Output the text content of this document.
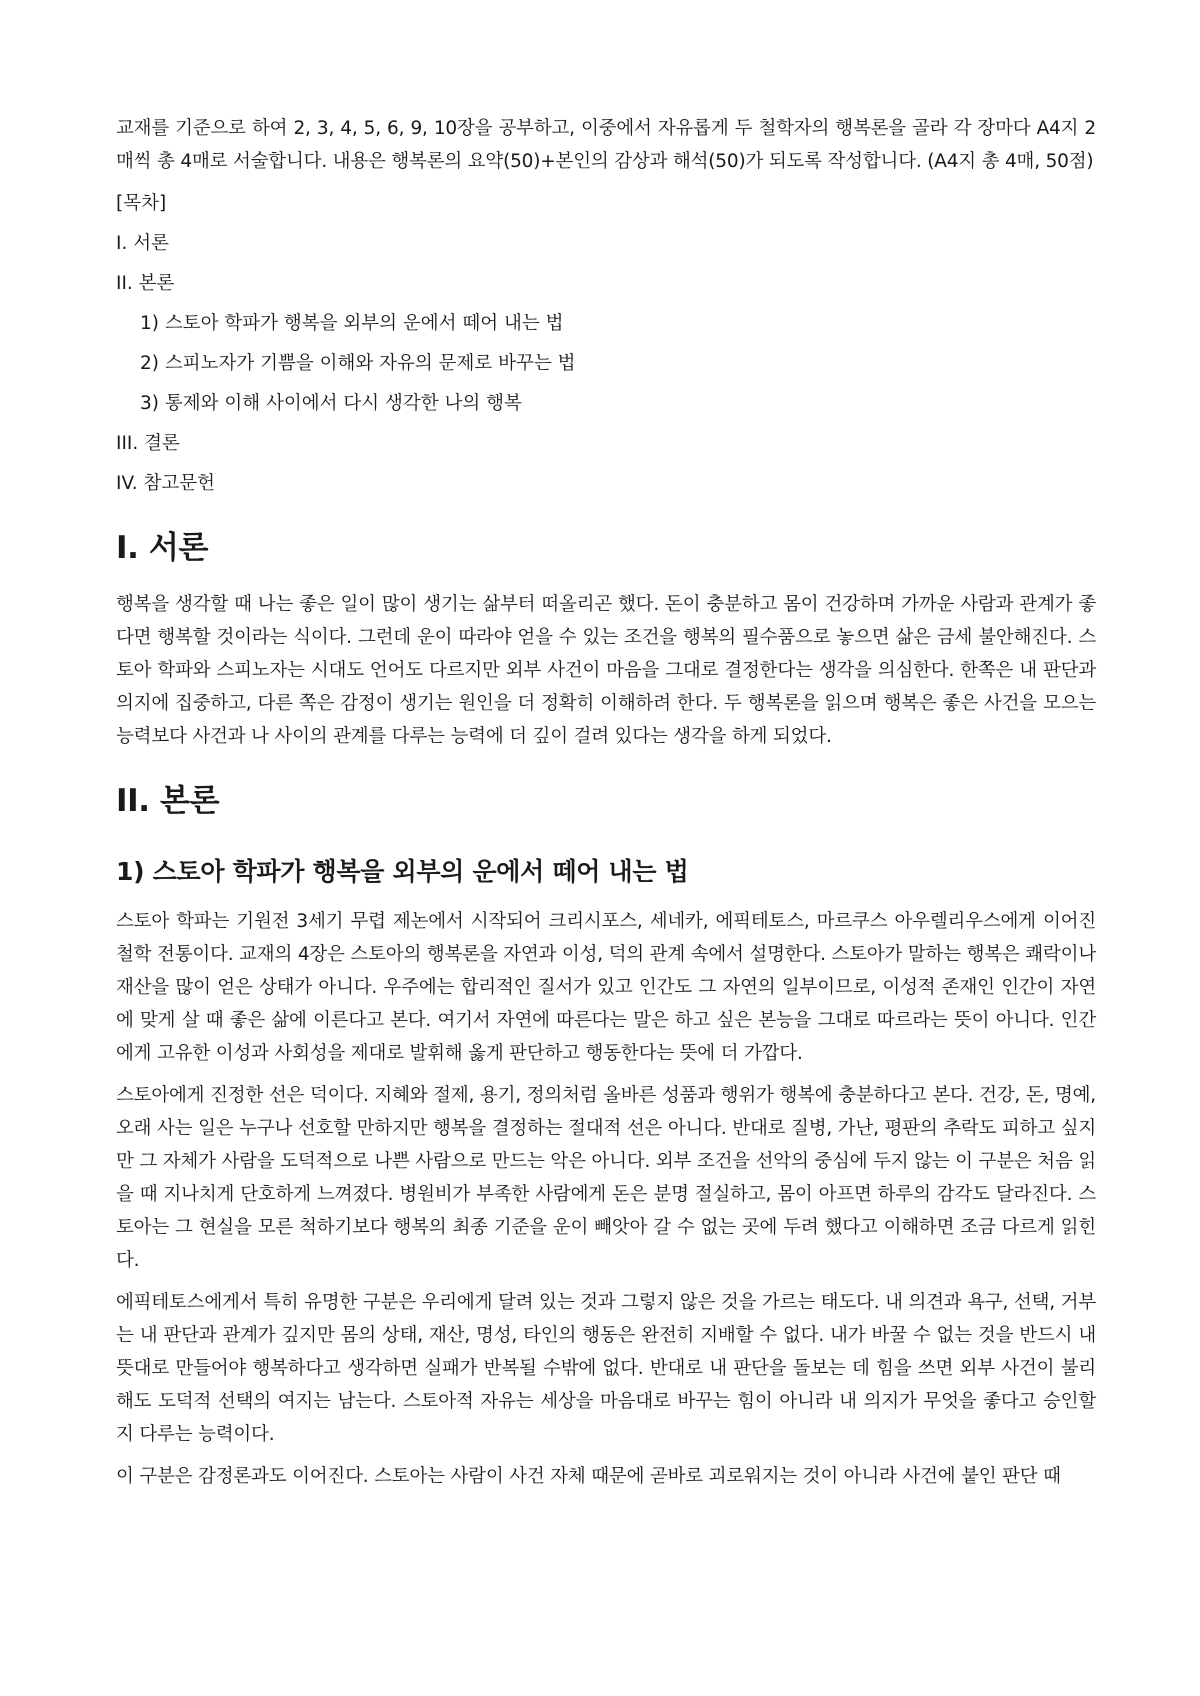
교재를 기준으로 하여 2, 3, 4, 5, 6, 9, 10장을 공부하고, 이중에서 자유롭게 두 철학자의 행복론을 골라 각 장마다 A4지 2매씩 총 4매로 서술합니다. 내용은 행복론의 요약(50)+본인의 감상과 해석(50)가 되도록 작성합니다. (A4지 총 4매, 50점)

[목차]
I. 서론
II. 본론
1) 스토아 학파가 행복을 외부의 운에서 떼어 내는 법
2) 스피노자가 기쁨을 이해와 자유의 문제로 바꾸는 법
3) 통제와 이해 사이에서 다시 생각한 나의 행복
III. 결론
IV. 참고문헌
I. 서론

행복을 생각할 때 나는 좋은 일이 많이 생기는 삶부터 떠올리곤 했다. 돈이 충분하고 몸이 건강하며 가까운 사람과 관계가 좋다면 행복할 것이라는 식이다. 그런데 운이 따라야 얻을 수 있는 조건을 행복의 필수품으로 놓으면 삶은 금세 불안해진다. 스토아 학파와 스피노자는 시대도 언어도 다르지만 외부 사건이 마음을 그대로 결정한다는 생각을 의심한다. 한쪽은 내 판단과 의지에 집중하고, 다른 쪽은 감정이 생기는 원인을 더 정확히 이해하려 한다. 두 행복론을 읽으며 행복은 좋은 사건을 모으는 능력보다 사건과 나 사이의 관계를 다루는 능력에 더 깊이 걸려 있다는 생각을 하게 되었다.

II. 본론
1) 스토아 학파가 행복을 외부의 운에서 떼어 내는 법

스토아 학파는 기원전 3세기 무렵 제논에서 시작되어 크리시포스, 세네카, 에픽테토스, 마르쿠스 아우렐리우스에게 이어진 철학 전통이다. 교재의 4장은 스토아의 행복론을 자연과 이성, 덕의 관계 속에서 설명한다. 스토아가 말하는 행복은 쾌락이나 재산을 많이 얻은 상태가 아니다. 우주에는 합리적인 질서가 있고 인간도 그 자연의 일부이므로, 이성적 존재인 인간이 자연에 맞게 살 때 좋은 삶에 이른다고 본다. 여기서 자연에 따른다는 말은 하고 싶은 본능을 그대로 따르라는 뜻이 아니다. 인간에게 고유한 이성과 사회성을 제대로 발휘해 옳게 판단하고 행동한다는 뜻에 더 가깝다.

스토아에게 진정한 선은 덕이다. 지혜와 절제, 용기, 정의처럼 올바른 성품과 행위가 행복에 충분하다고 본다. 건강, 돈, 명예, 오래 사는 일은 누구나 선호할 만하지만 행복을 결정하는 절대적 선은 아니다. 반대로 질병, 가난, 평판의 추락도 피하고 싶지만 그 자체가 사람을 도덕적으로 나쁜 사람으로 만드는 악은 아니다. 외부 조건을 선악의 중심에 두지 않는 이 구분은 처음 읽을 때 지나치게 단호하게 느껴졌다. 병원비가 부족한 사람에게 돈은 분명 절실하고, 몸이 아프면 하루의 감각도 달라진다. 스토아는 그 현실을 모른 척하기보다 행복의 최종 기준을 운이 빼앗아 갈 수 없는 곳에 두려 했다고 이해하면 조금 다르게 읽힌다.

에픽테토스에게서 특히 유명한 구분은 우리에게 달려 있는 것과 그렇지 않은 것을 가르는 태도다. 내 의견과 욕구, 선택, 거부는 내 판단과 관계가 깊지만 몸의 상태, 재산, 명성, 타인의 행동은 완전히 지배할 수 없다. 내가 바꿀 수 없는 것을 반드시 내 뜻대로 만들어야 행복하다고 생각하면 실패가 반복될 수밖에 없다. 반대로 내 판단을 돌보는 데 힘을 쓰면 외부 사건이 불리해도 도덕적 선택의 여지는 남는다. 스토아적 자유는 세상을 마음대로 바꾸는 힘이 아니라 내 의지가 무엇을 좋다고 승인할지 다루는 능력이다.

이 구분은 감정론과도 이어진다. 스토아는 사람이 사건 자체 때문에 곧바로 괴로워지는 것이 아니라 사건에 붙인 판단 때
